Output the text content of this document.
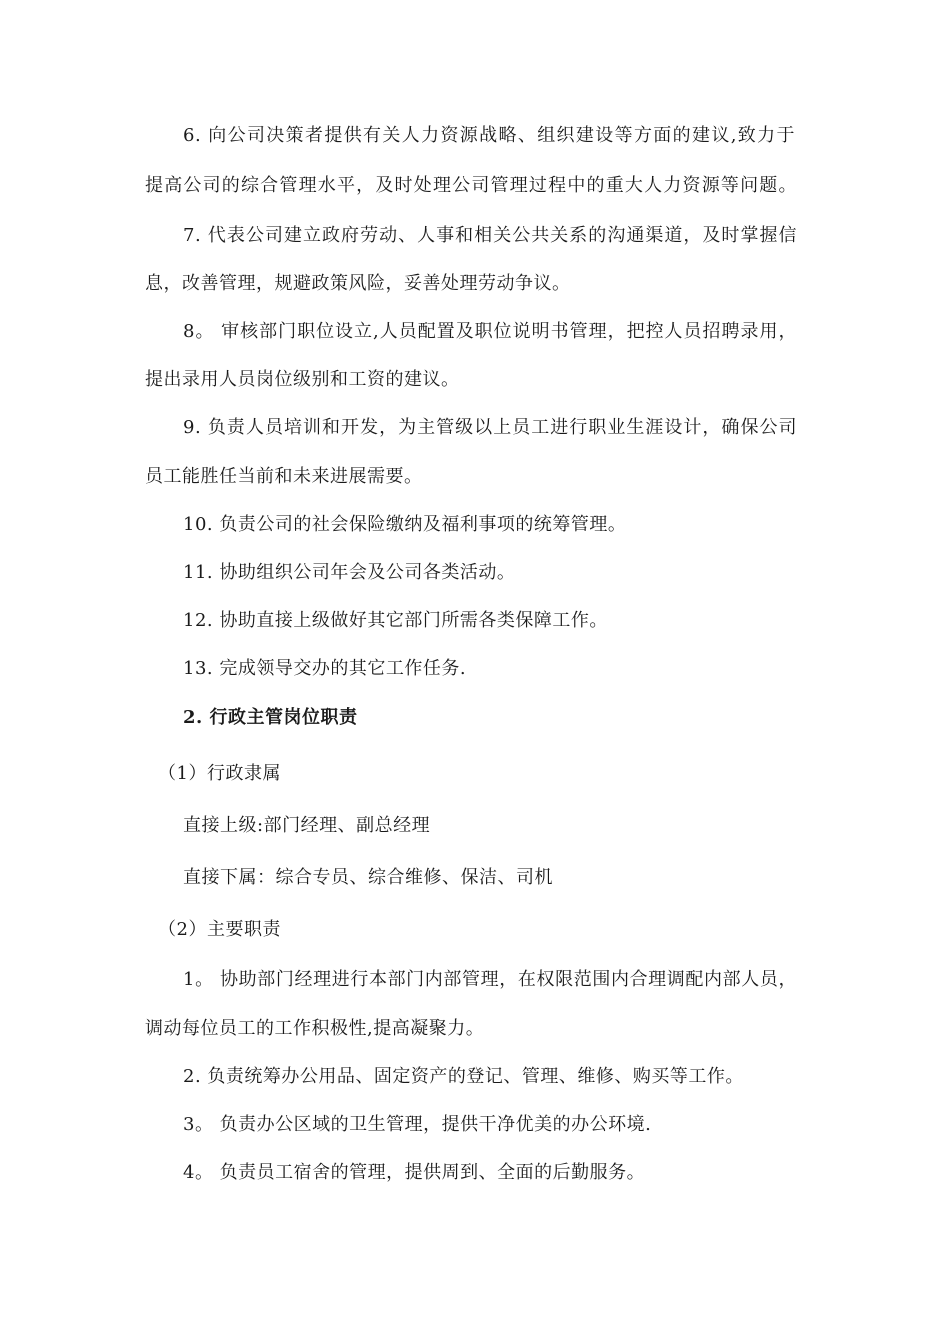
6. 向公司决策者提供有关人力资源战略、组织建设等方面的建议,致力于
提高公司的综合管理水平，及时处理公司管理过程中的重大人力资源等问题。
7. 代表公司建立政府劳动、人事和相关公共关系的沟通渠道，及时掌握信
息，改善管理，规避政策风险，妥善处理劳动争议。
8。 审核部门职位设立,人员配置及职位说明书管理，把控人员招聘录用，
提出录用人员岗位级别和工资的建议。
9. 负责人员培训和开发，为主管级以上员工进行职业生涯设计，确保公司
员工能胜任当前和未来进展需要。
10. 负责公司的社会保险缴纳及福利事项的统筹管理。
11. 协助组织公司年会及公司各类活动。
12. 协助直接上级做好其它部门所需各类保障工作。
13. 完成领导交办的其它工作任务.
2. 行政主管岗位职责
（1）行政隶属
直接上级:部门经理、副总经理
直接下属：综合专员、综合维修、保洁、司机
（2）主要职责
1。 协助部门经理进行本部门内部管理，在权限范围内合理调配内部人员，
调动每位员工的工作积极性,提高凝聚力。
2. 负责统筹办公用品、固定资产的登记、管理、维修、购买等工作。
3。 负责办公区域的卫生管理，提供干净优美的办公环境.
4。 负责员工宿舍的管理，提供周到、全面的后勤服务。
